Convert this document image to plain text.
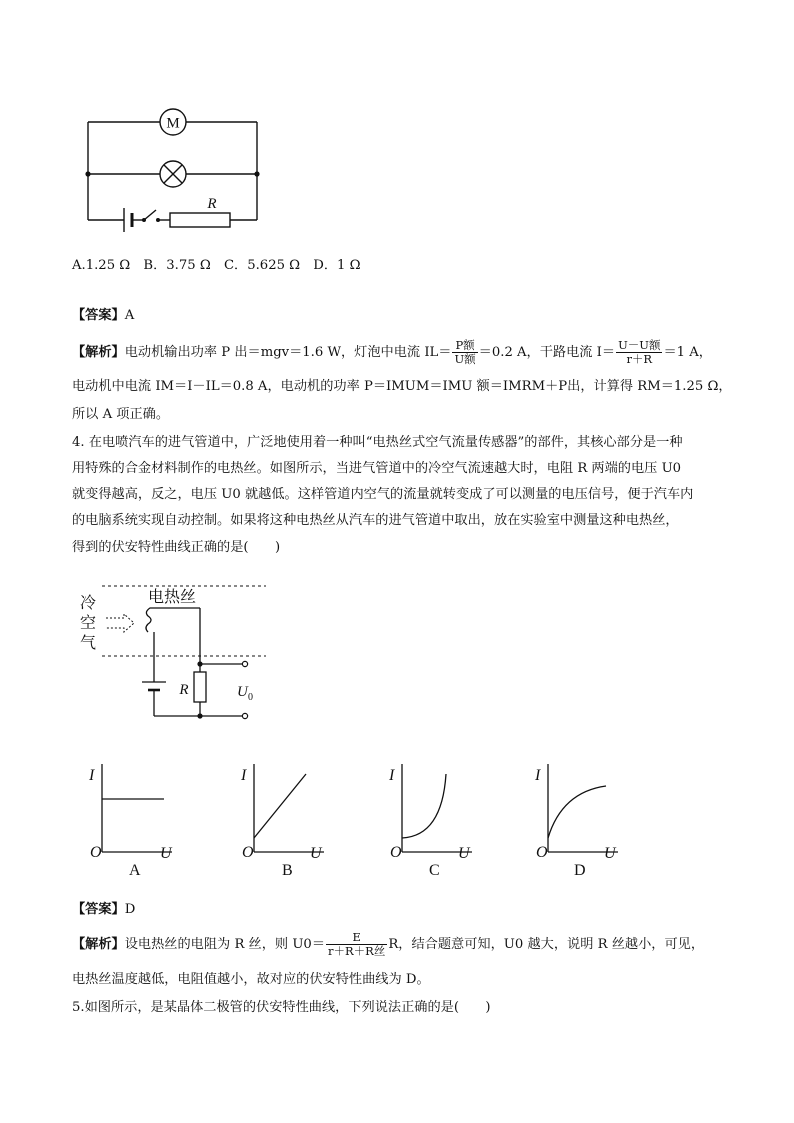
M
R
A.1.25 Ω　B．3.75 Ω　C．5.625 Ω　D．1 Ω
【答案】A
【解析】电动机输出功率 P 出＝mgv＝1.6 W，灯泡中电流 $IL= \frac{\text{P额}}{\text{U额}} =0.2$ A，干路电流 $I= \frac{\text{U－U额}}{r+R} =1$ A，
电动机中电流 IM＝I－IL＝0.8 A，电动机的功率 P＝IMUM＝IMU 额＝IMRM＋P出，计算得 RM＝1.25 Ω，
所以 A 项正确。
4. 在电喷汽车的进气管道中，广泛地使用着一种叫“电热丝式空气流量传感器”的部件，其核心部分是一种
用特殊的合金材料制作的电热丝。如图所示，当进气管道中的冷空气流速越大时，电阻 R 两端的电压 U0
就变得越高，反之，电压 U0 就越低。这样管道内空气的流量就转变成了可以测量的电压信号，便于汽车内
的电脑系统实现自动控制。如果将这种电热丝从汽车的进气管道中取出，放在实验室中测量这种电热丝，
得到的伏安特性曲线正确的是(　　)
冷
空
气
电热丝
R	U 0
I
O	U
A
I
O	U
B
I
O	U
C
I
O	U
D
【答案】D
【解析】设电热丝的电阻为 R 丝，则 $U0= \frac{E}{\text{r＋R＋R丝}}$ R，结合题意可知，U0 越大，说明 R 丝越小，可见，
电热丝温度越低，电阻值越小，故对应的伏安特性曲线为 D。
5.如图所示，是某晶体二极管的伏安特性曲线，下列说法正确的是(　　)
